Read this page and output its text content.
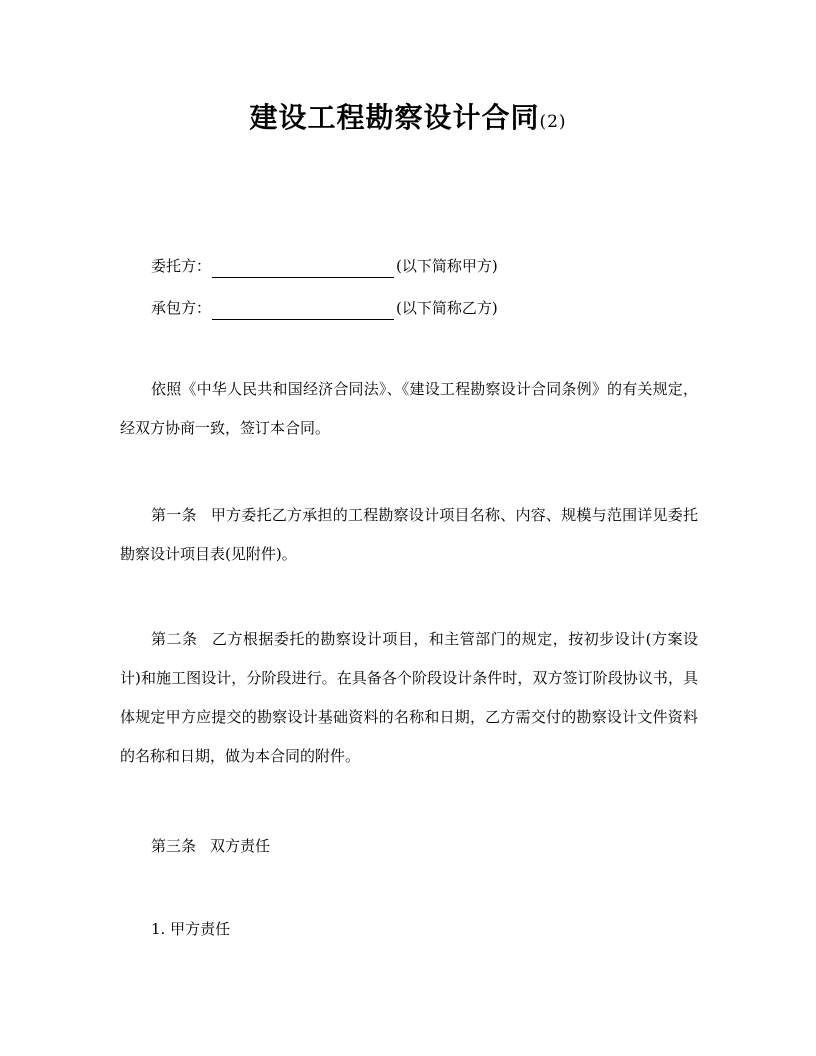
建设工程勘察设计合同(2)
委托方：	(以下简称甲方)
承包方：	(以下简称乙方)
依照《中华人民共和国经济合同法》、《建设工程勘察设计合同条例》的有关规定，经双方协商一致，签订本合同。
第一条 甲方委托乙方承担的工程勘察设计项目名称、内容、规模与范围详见委托勘察设计项目表(见附件)。
第二条 乙方根据委托的勘察设计项目，和主管部门的规定，按初步设计(方案设计)和施工图设计，分阶段进行。在具备各个阶段设计条件时，双方签订阶段协议书，具体规定甲方应提交的勘察设计基础资料的名称和日期，乙方需交付的勘察设计文件资料的名称和日期，做为本合同的附件。
第三条 双方责任
1. 甲方责任
